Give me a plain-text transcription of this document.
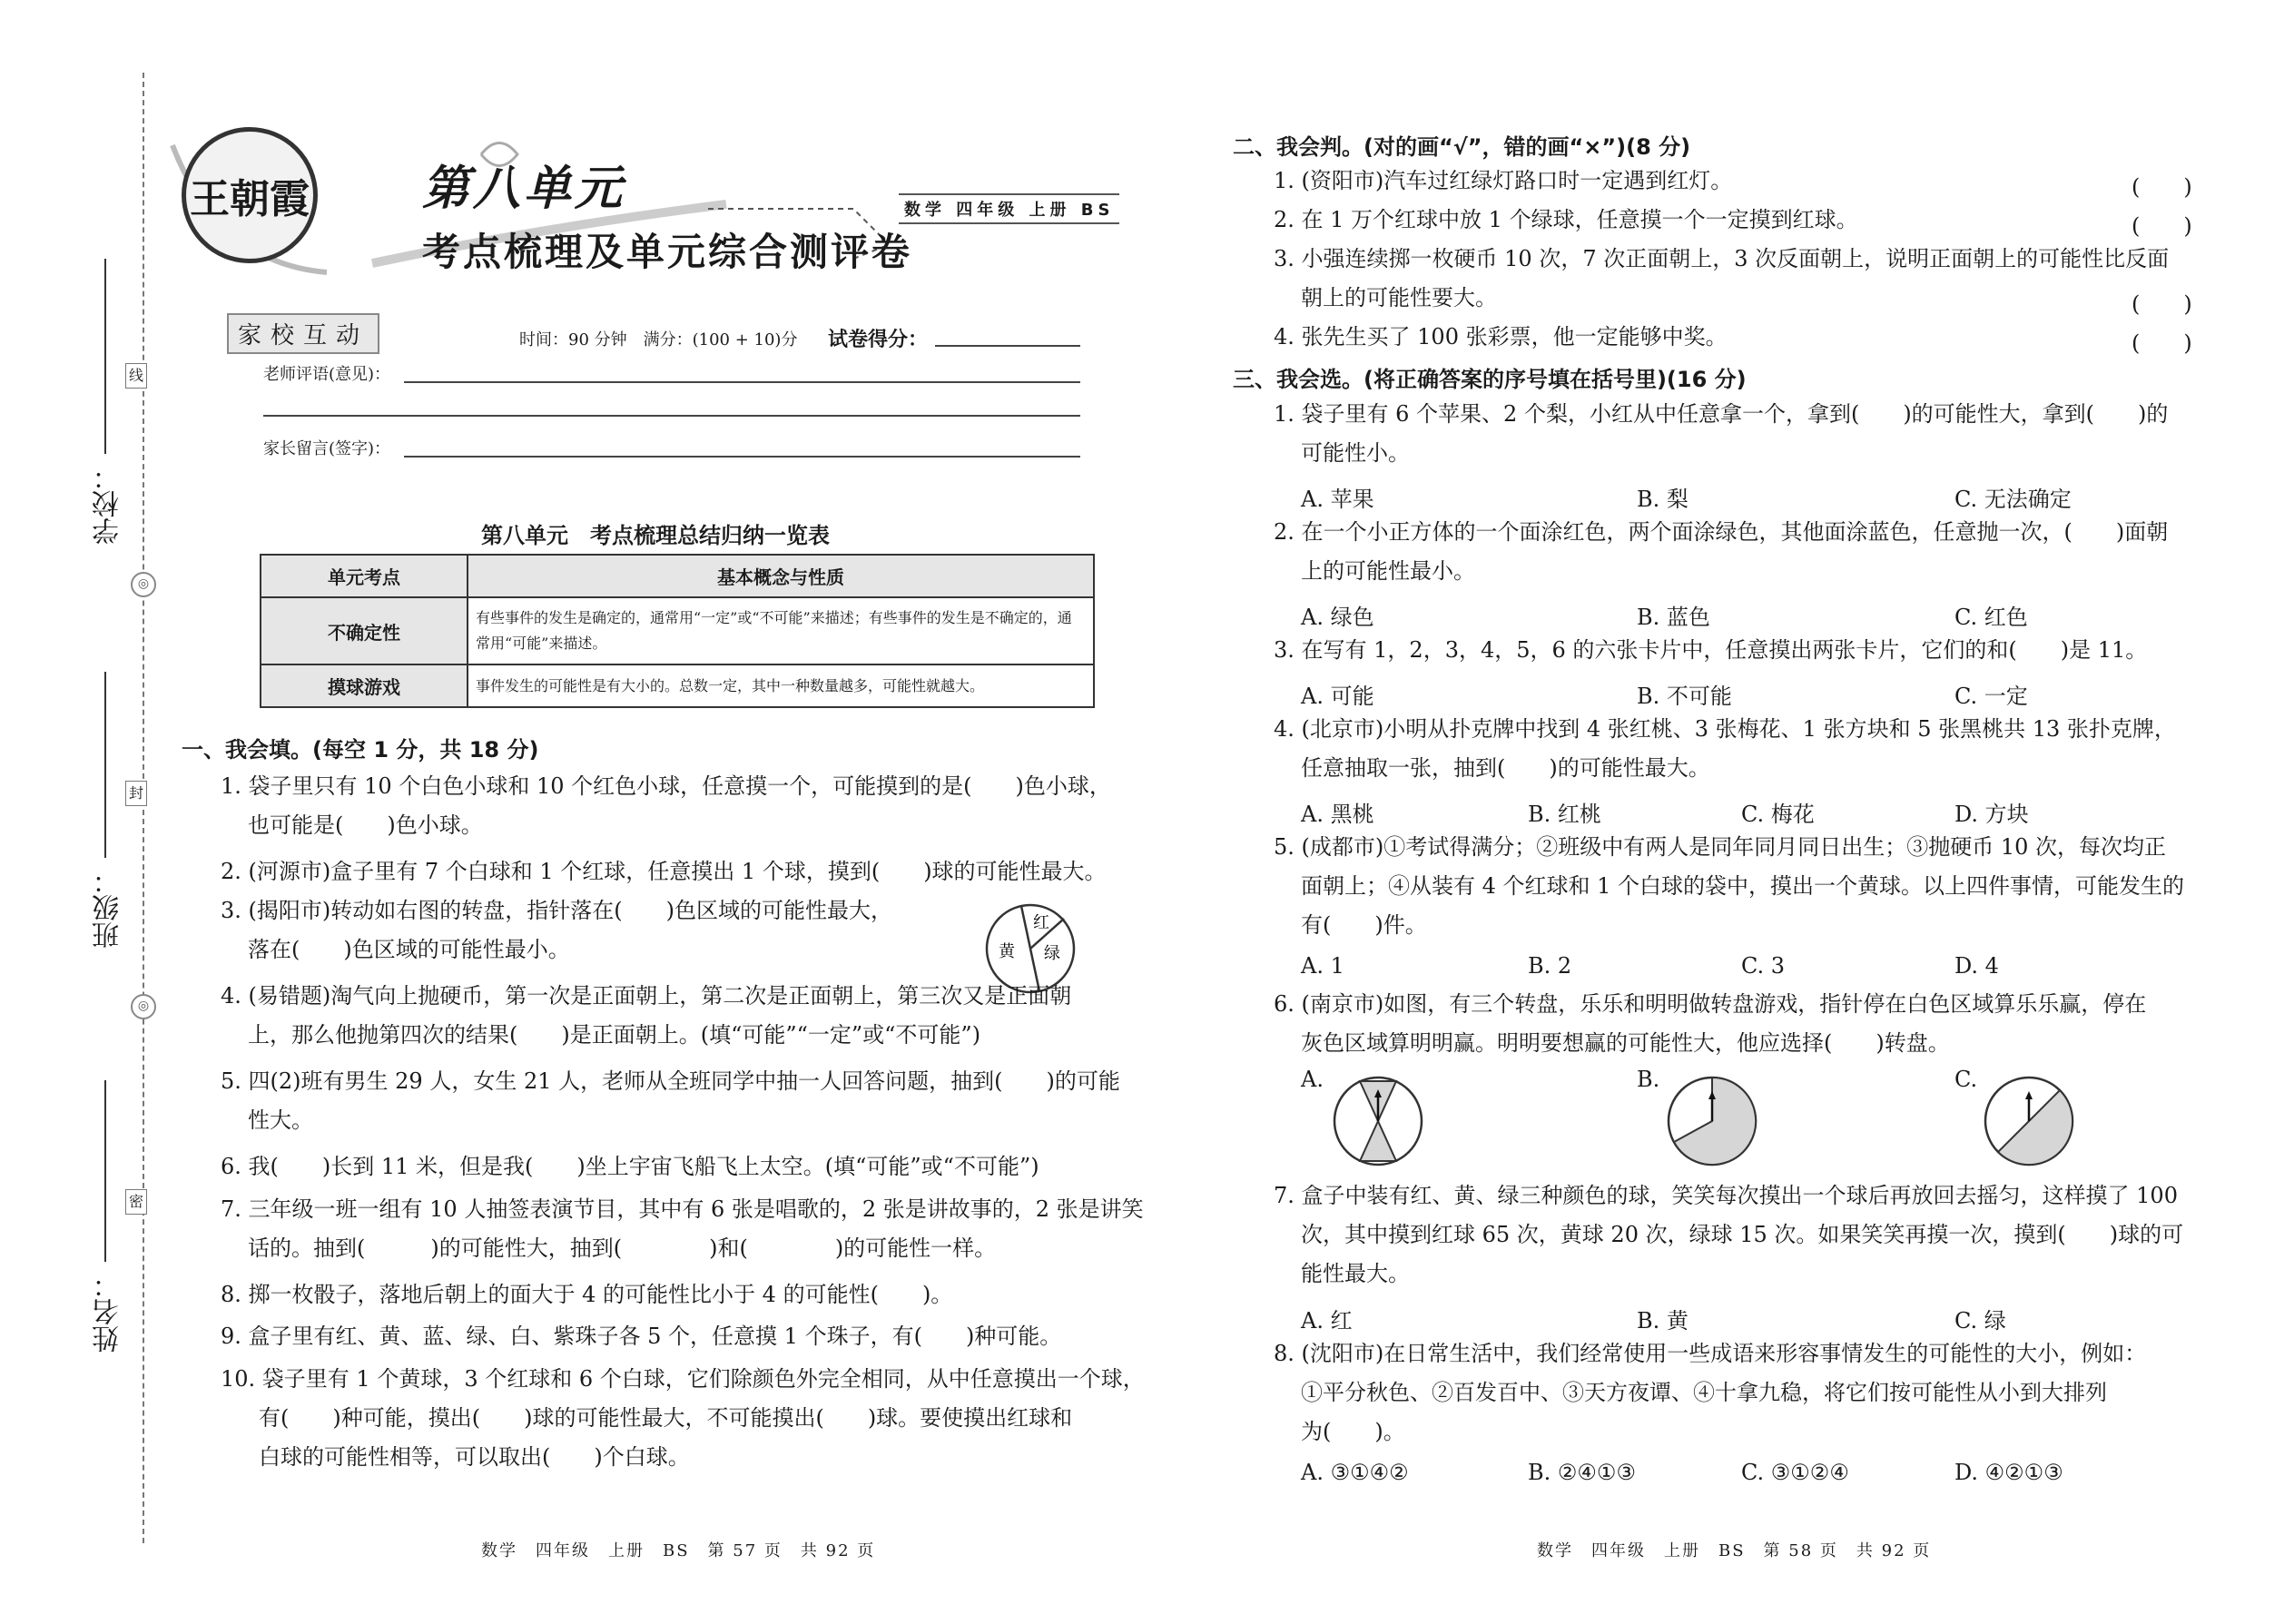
学校：
班级：
姓名：
线
◎
封
◎
密
王朝霞 第八单元
考点梳理及单元综合测评卷
数学 四年级 上册 BS
家校互动	时间：90 分钟　满分：(100 + 10)分 试卷得分：
老师评语(意见)：
家长留言(签字)：
第八单元　考点梳理总结归纳一览表
单元考点	基本概念与性质
不确定性	有些事件的发生是确定的，通常用“一定”或“不可能”来描述；有些事件的发生是不确定的，通常用“可能”来描述。
摸球游戏	事件发生的可能性是有大小的。总数一定，其中一种数量越多，可能性就越大。
一、我会填。(每空 1 分，共 18 分)
1. 袋子里只有 10 个白色小球和 10 个红色小球，任意摸一个，可能摸到的是(　　)色小球，
也可能是(　　)色小球。
2. (河源市)盒子里有 7 个白球和 1 个红球，任意摸出 1 个球，摸到(　　)球的可能性最大。
3. (揭阳市)转动如右图的转盘，指针落在(　　)色区域的可能性最大，
落在(　　)色区域的可能性最小。
红
黄 绿
4. (易错题)淘气向上抛硬币，第一次是正面朝上，第二次是正面朝上，第三次又是正面朝
上，那么他抛第四次的结果(　　)是正面朝上。(填“可能”“一定”或“不可能”)
5. 四(2)班有男生 29 人，女生 21 人，老师从全班同学中抽一人回答问题，抽到(　　)的可能
性大。
6. 我(　　)长到 11 米，但是我(　　)坐上宇宙飞船飞上太空。(填“可能”或“不可能”)
7. 三年级一班一组有 10 人抽签表演节目，其中有 6 张是唱歌的，2 张是讲故事的，2 张是讲笑
话的。抽到(　　　)的可能性大，抽到(　　　　)和(　　　　)的可能性一样。
8. 掷一枚骰子，落地后朝上的面大于 4 的可能性比小于 4 的可能性(　　)。
9. 盒子里有红、黄、蓝、绿、白、紫珠子各 5 个，任意摸 1 个珠子，有(　　)种可能。
10. 袋子里有 1 个黄球，3 个红球和 6 个白球，它们除颜色外完全相同，从中任意摸出一个球，
有(　　)种可能，摸出(　　)球的可能性最大，不可能摸出(　　)球。要使摸出红球和
白球的可能性相等，可以取出(　　)个白球。
数学　四年级　上册　BS　第 57 页　共 92 页
二、我会判。(对的画“√”，错的画“×”)(8 分)
1. (资阳市)汽车过红绿灯路口时一定遇到红灯。	(　　)
2. 在 1 万个红球中放 1 个绿球，任意摸一个一定摸到红球。	(　　)
3. 小强连续掷一枚硬币 10 次，7 次正面朝上，3 次反面朝上，说明正面朝上的可能性比反面
朝上的可能性要大。	(　　)
4. 张先生买了 100 张彩票，他一定能够中奖。	(　　)
三、我会选。(将正确答案的序号填在括号里)(16 分)
1. 袋子里有 6 个苹果、2 个梨，小红从中任意拿一个，拿到(　　)的可能性大，拿到(　　)的
可能性小。
A. 苹果	B. 梨	C. 无法确定
2. 在一个小正方体的一个面涂红色，两个面涂绿色，其他面涂蓝色，任意抛一次，(　　)面朝
上的可能性最小。
A. 绿色	B. 蓝色	C. 红色
3. 在写有 1，2，3，4，5，6 的六张卡片中，任意摸出两张卡片，它们的和(　　)是 11。
A. 可能	B. 不可能	C. 一定
4. (北京市)小明从扑克牌中找到 4 张红桃、3 张梅花、1 张方块和 5 张黑桃共 13 张扑克牌，
任意抽取一张，抽到(　　)的可能性最大。
A. 黑桃	B. 红桃	C. 梅花	D. 方块
5. (成都市)①考试得满分；②班级中有两人是同年同月同日出生；③抛硬币 10 次，每次均正
面朝上；④从装有 4 个红球和 1 个白球的袋中，摸出一个黄球。以上四件事情，可能发生的
有(　　)件。
A. 1	B. 2	C. 3	D. 4
6. (南京市)如图，有三个转盘，乐乐和明明做转盘游戏，指针停在白色区域算乐乐赢，停在
灰色区域算明明赢。明明要想赢的可能性大，他应选择(　　)转盘。
A.	B.	C.
7. 盒子中装有红、黄、绿三种颜色的球，笑笑每次摸出一个球后再放回去摇匀，这样摸了 100
次，其中摸到红球 65 次，黄球 20 次，绿球 15 次。如果笑笑再摸一次，摸到(　　)球的可
能性最大。
A. 红	B. 黄	C. 绿
8. (沈阳市)在日常生活中，我们经常使用一些成语来形容事情发生的可能性的大小，例如：
①平分秋色、②百发百中、③天方夜谭、④十拿九稳，将它们按可能性从小到大排列
为(　　)。
A. ③①④②	B. ②④①③	C. ③①②④	D. ④②①③
数学　四年级　上册　BS　第 58 页　共 92 页
